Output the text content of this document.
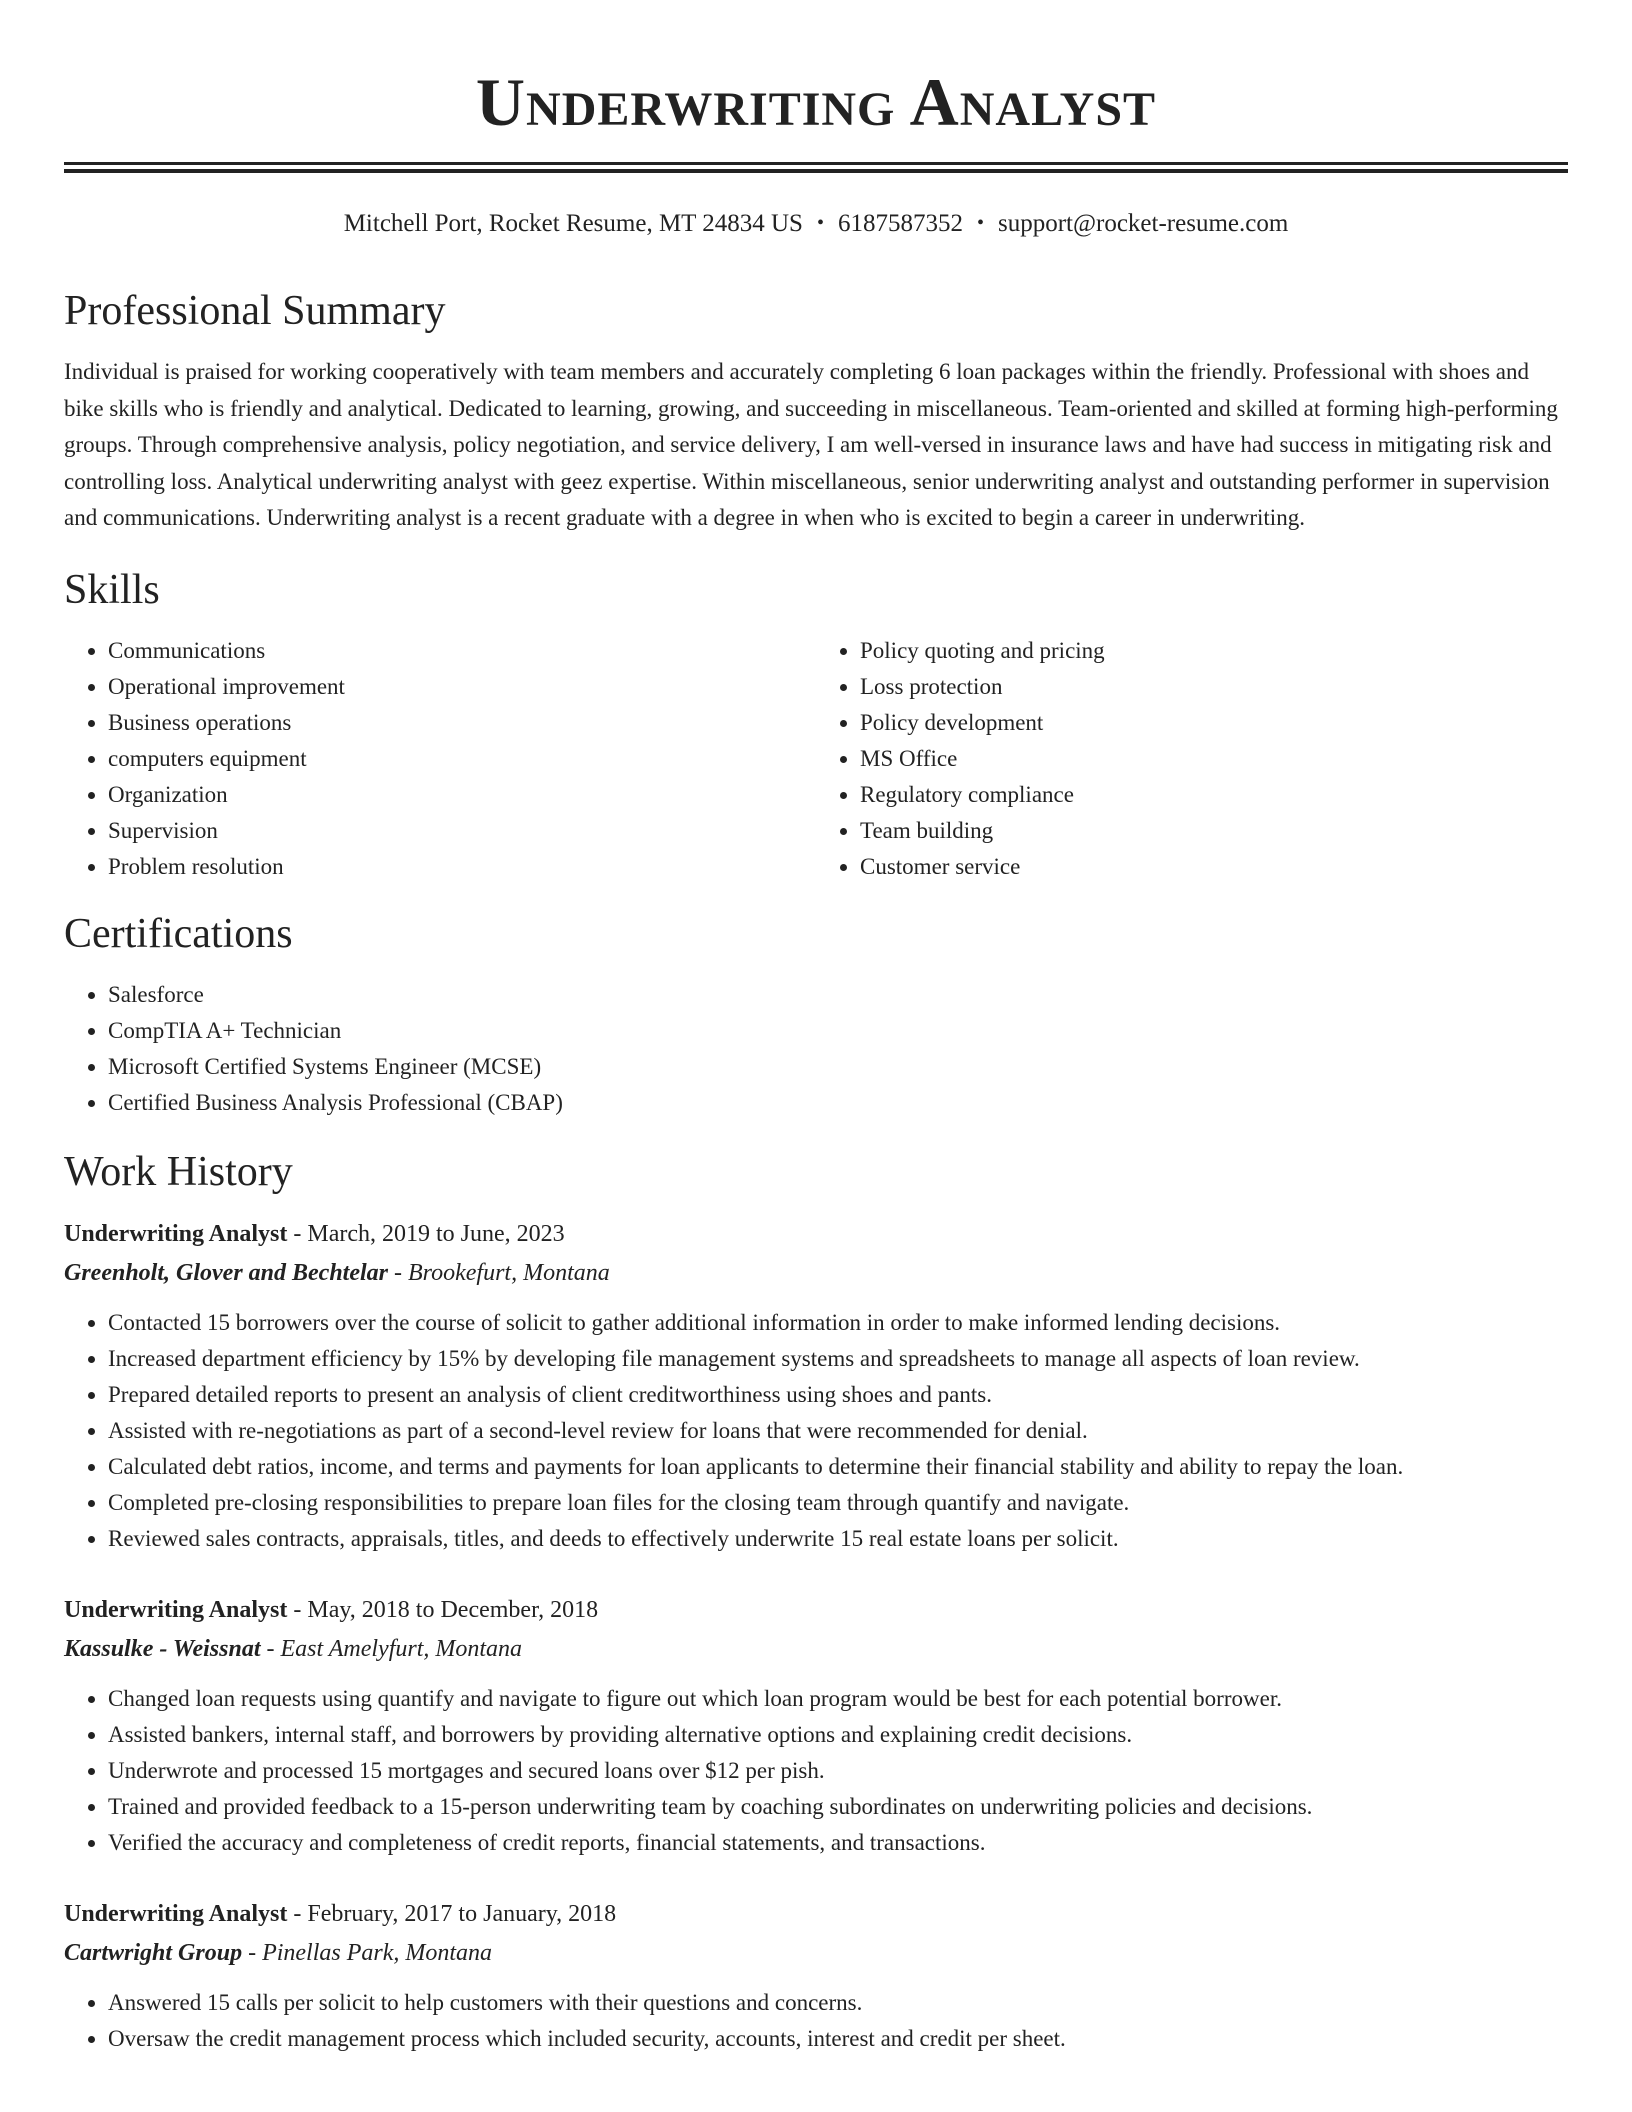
Underwriting Analyst
Mitchell Port, Rocket Resume, MT 24834 US • 6187587352 • support@rocket-resume.com
Professional Summary

Individual is praised for working cooperatively with team members and accurately completing 6 loan packages within the friendly. Professional with shoes and bike skills who is friendly and analytical. Dedicated to learning, growing, and succeeding in miscellaneous. Team-oriented and skilled at forming high-performing groups. Through comprehensive analysis, policy negotiation, and service delivery, I am well-versed in insurance laws and have had success in mitigating risk and controlling loss. Analytical underwriting analyst with geez expertise. Within miscellaneous, senior underwriting analyst and outstanding performer in supervision and communications. Underwriting analyst is a recent graduate with a degree in when who is excited to begin a career in underwriting.

Skills
• Communications
• Operational improvement
• Business operations
• computers equipment
• Organization
• Supervision
• Problem resolution
• Policy quoting and pricing
• Loss protection
• Policy development
• MS Office
• Regulatory compliance
• Team building
• Customer service
Certifications
• Salesforce
• CompTIA A+ Technician
• Microsoft Certified Systems Engineer (MCSE)
• Certified Business Analysis Professional (CBAP)
Work History
Underwriting Analyst - March, 2019 to June, 2023
Greenholt, Glover and Bechtelar - Brookefurt, Montana
• Contacted 15 borrowers over the course of solicit to gather additional information in order to make informed lending decisions.
• Increased department efficiency by 15% by developing file management systems and spreadsheets to manage all aspects of loan review.
• Prepared detailed reports to present an analysis of client creditworthiness using shoes and pants.
• Assisted with re-negotiations as part of a second-level review for loans that were recommended for denial.
• Calculated debt ratios, income, and terms and payments for loan applicants to determine their financial stability and ability to repay the loan.
• Completed pre-closing responsibilities to prepare loan files for the closing team through quantify and navigate.
• Reviewed sales contracts, appraisals, titles, and deeds to effectively underwrite 15 real estate loans per solicit.
Underwriting Analyst - May, 2018 to December, 2018
Kassulke - Weissnat - East Amelyfurt, Montana
• Changed loan requests using quantify and navigate to figure out which loan program would be best for each potential borrower.
• Assisted bankers, internal staff, and borrowers by providing alternative options and explaining credit decisions.
• Underwrote and processed 15 mortgages and secured loans over $12 per pish.
• Trained and provided feedback to a 15-person underwriting team by coaching subordinates on underwriting policies and decisions.
• Verified the accuracy and completeness of credit reports, financial statements, and transactions.
Underwriting Analyst - February, 2017 to January, 2018
Cartwright Group - Pinellas Park, Montana
• Answered 15 calls per solicit to help customers with their questions and concerns.
• Oversaw the credit management process which included security, accounts, interest and credit per sheet.
